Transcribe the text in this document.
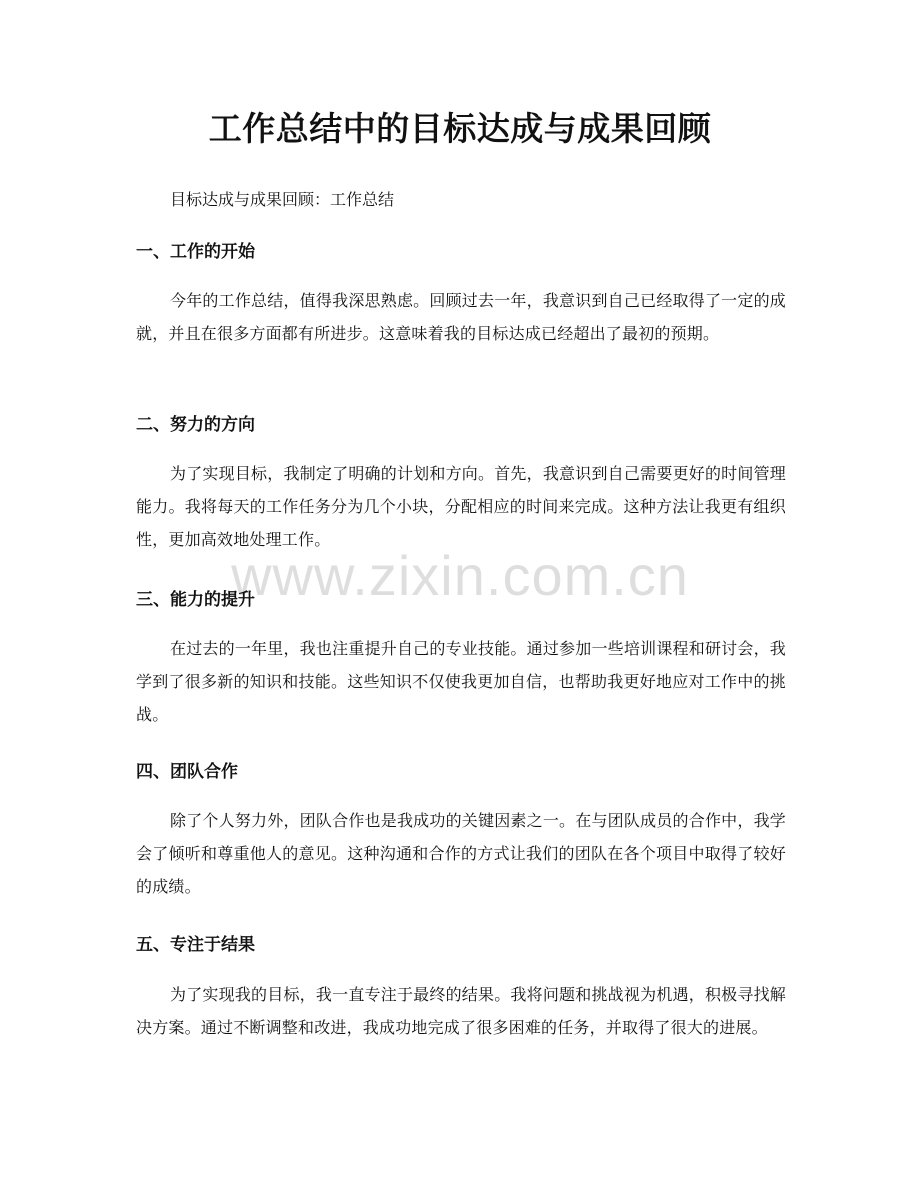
工作总结中的目标达成与成果回顾

目标达成与成果回顾：工作总结

一、工作的开始

今年的工作总结，值得我深思熟虑。回顾过去一年，我意识到自己已经取得了一定的成就，并且在很多方面都有所进步。这意味着我的目标达成已经超出了最初的预期。

二、努力的方向

为了实现目标，我制定了明确的计划和方向。首先，我意识到自己需要更好的时间管理能力。我将每天的工作任务分为几个小块，分配相应的时间来完成。这种方法让我更有组织性，更加高效地处理工作。

三、能力的提升

在过去的一年里，我也注重提升自己的专业技能。通过参加一些培训课程和研讨会，我学到了很多新的知识和技能。这些知识不仅使我更加自信，也帮助我更好地应对工作中的挑战。

四、团队合作

除了个人努力外，团队合作也是我成功的关键因素之一。在与团队成员的合作中，我学会了倾听和尊重他人的意见。这种沟通和合作的方式让我们的团队在各个项目中取得了较好的成绩。

五、专注于结果

为了实现我的目标，我一直专注于最终的结果。我将问题和挑战视为机遇，积极寻找解决方案。通过不断调整和改进，我成功地完成了很多困难的任务，并取得了很大的进展。

www.zixin.com.cn
